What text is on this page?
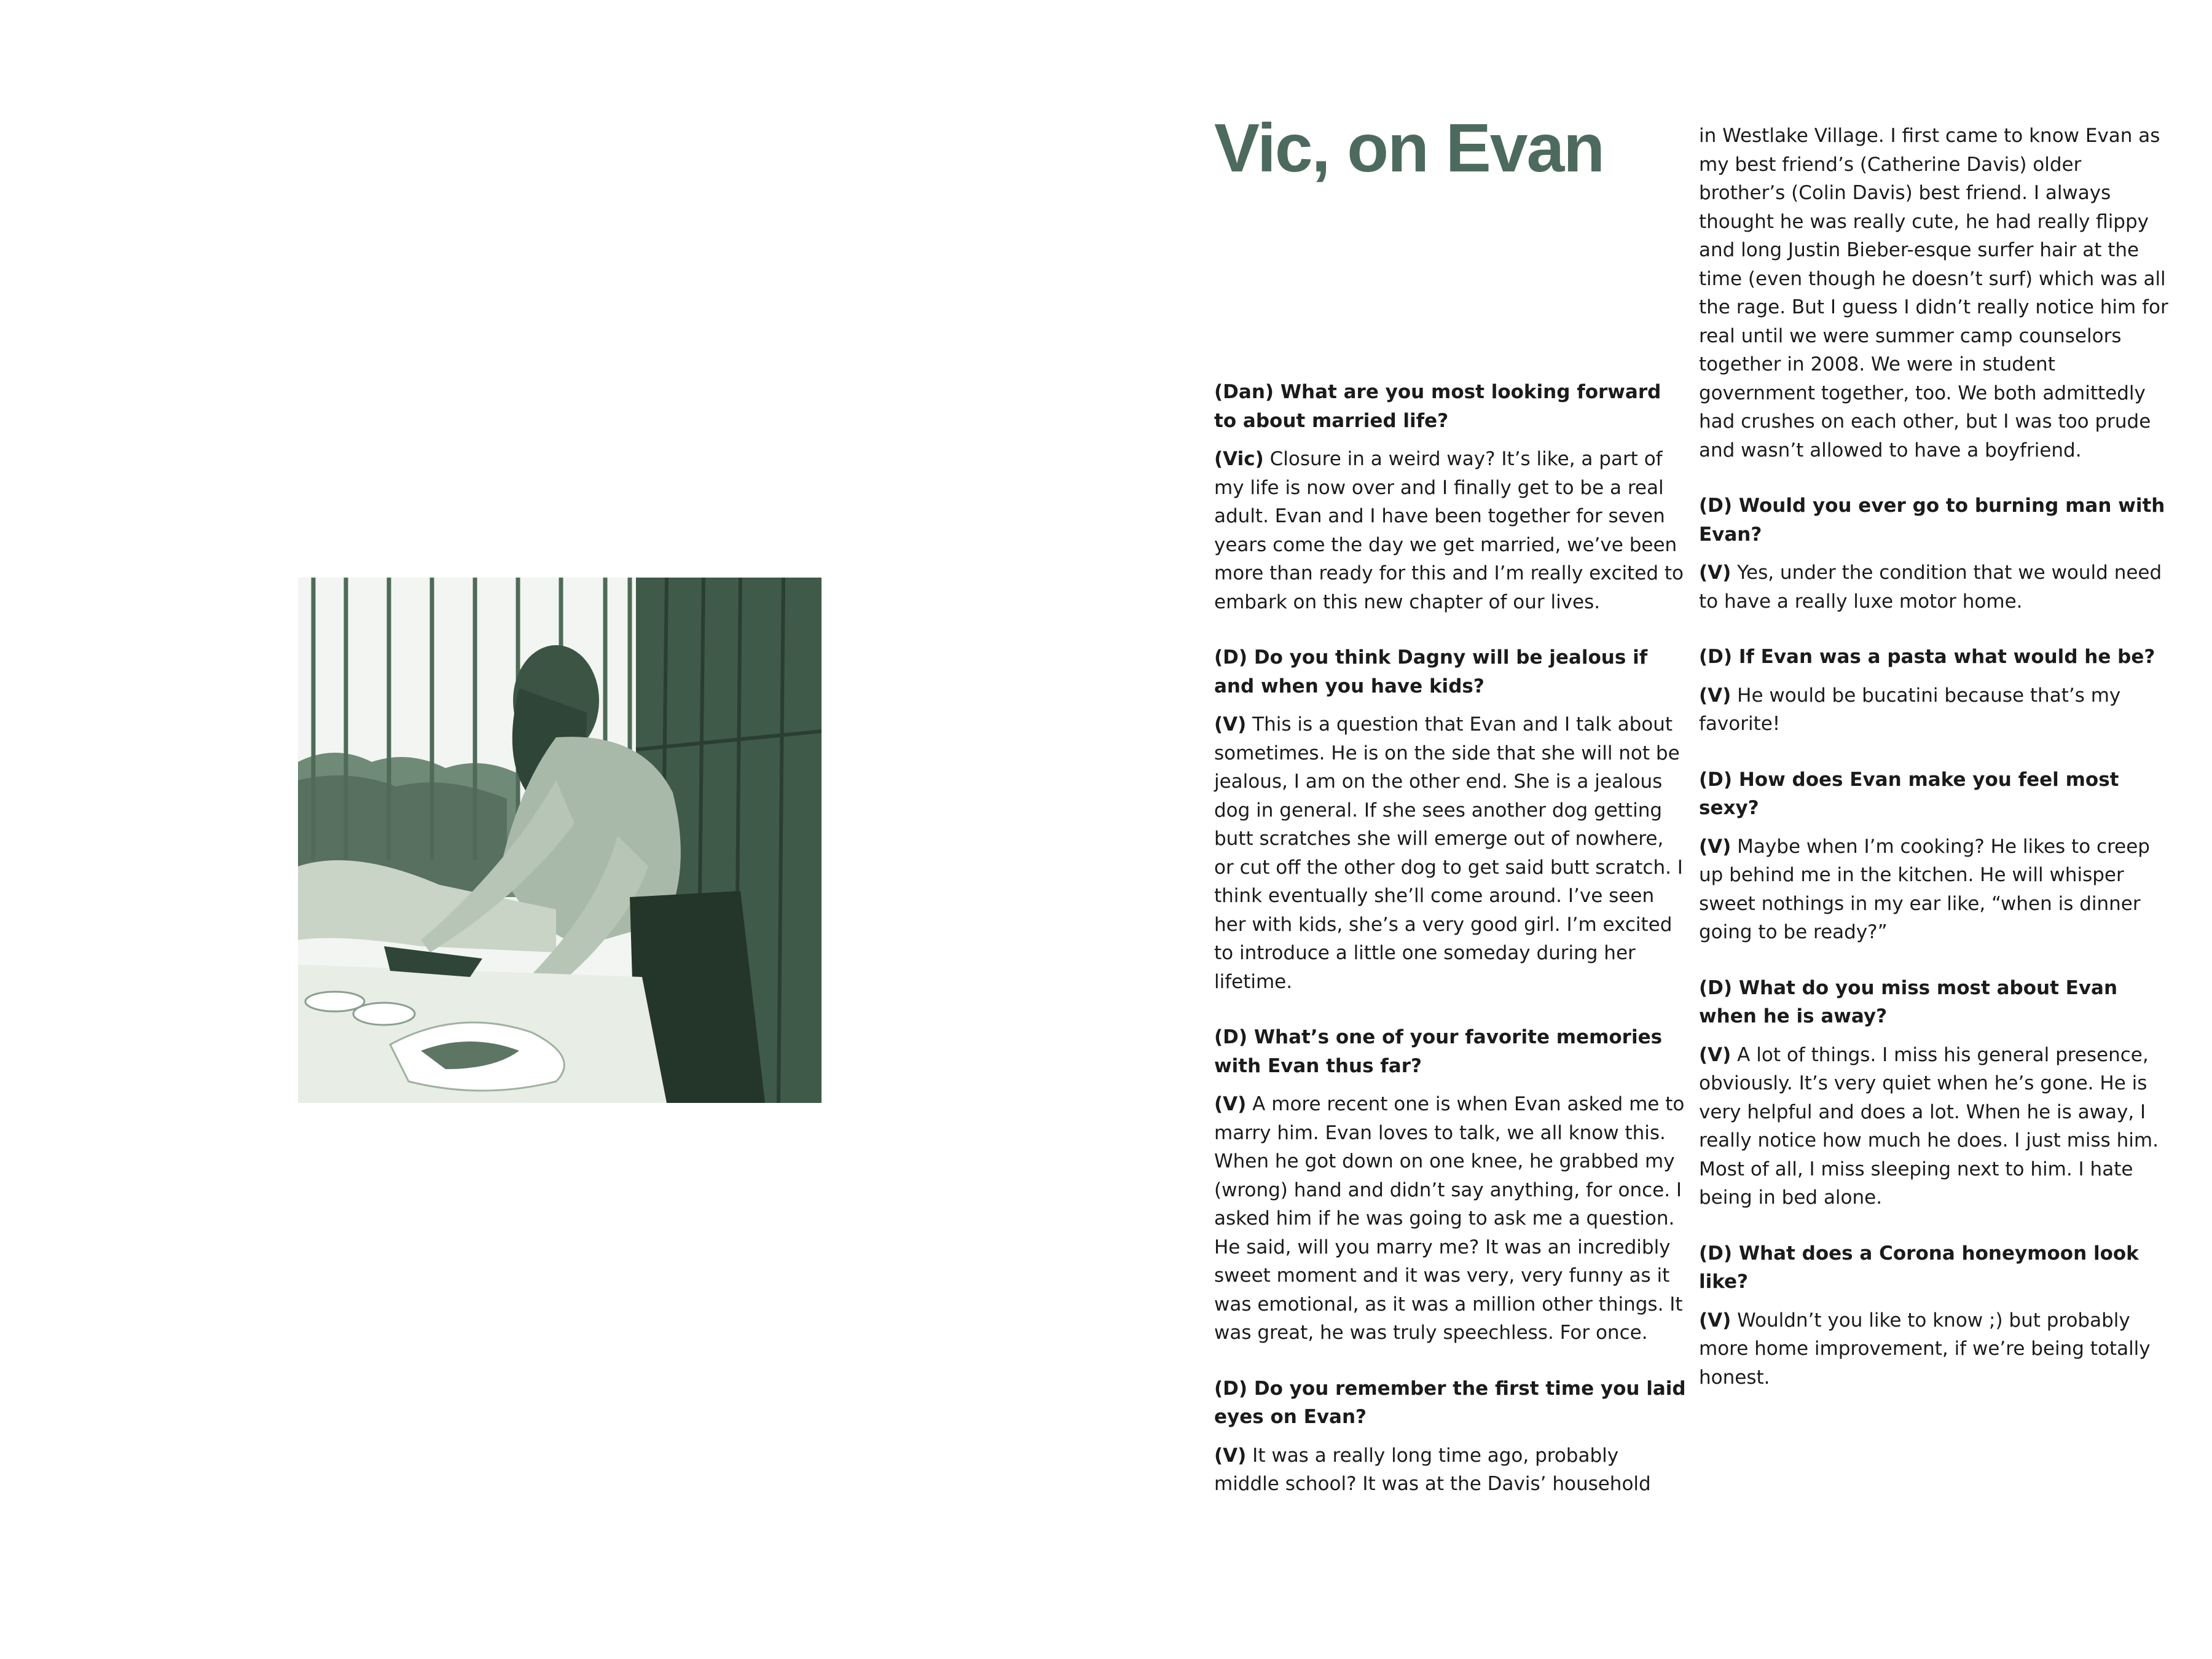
Vic, on Evan

(Dan) What are you most looking forward to about married life?

(Vic) Closure in a weird way? It’s like, a part of my life is now over and I finally get to be a real adult. Evan and I have been together for seven years come the day we get married, we’ve been more than ready for this and I’m really excited to embark on this new chapter of our lives.

(D) Do you think Dagny will be jealous if and when you have kids?

(V) This is a question that Evan and I talk about sometimes. He is on the side that she will not be jealous, I am on the other end. She is a jealous dog in general. If she sees another dog getting butt scratches she will emerge out of nowhere, or cut off the other dog to get said butt scratch. I think eventually she’ll come around. I’ve seen her with kids, she’s a very good girl. I’m excited to introduce a little one someday during her lifetime.

(D) What’s one of your favorite memories with Evan thus far?

(V) A more recent one is when Evan asked me to marry him. Evan loves to talk, we all know this. When he got down on one knee, he grabbed my (wrong) hand and didn’t say anything, for once. I asked him if he was going to ask me a question. He said, will you marry me? It was an incredibly sweet moment and it was very, very funny as it was emotional, as it was a million other things. It was great, he was truly speechless. For once.

(D) Do you remember the first time you laid eyes on Evan?

(V) It was a really long time ago, probably middle school? It was at the Davis’ household

in Westlake Village. I first came to know Evan as my best friend’s (Catherine Davis) older brother’s (Colin Davis) best friend. I always thought he was really cute, he had really flippy and long Justin Bieber-esque surfer hair at the time (even though he doesn’t surf) which was all the rage. But I guess I didn’t really notice him for real until we were summer camp counselors together in 2008. We were in student government together, too. We both admittedly had crushes on each other, but I was too prude and wasn’t allowed to have a boyfriend.

(D) Would you ever go to burning man with Evan?

(V) Yes, under the condition that we would need to have a really luxe motor home.

(D) If Evan was a pasta what would he be?

(V) He would be bucatini because that’s my favorite!

(D) How does Evan make you feel most sexy?

(V) Maybe when I’m cooking? He likes to creep up behind me in the kitchen. He will whisper sweet nothings in my ear like, “when is dinner going to be ready?”

(D) What do you miss most about Evan when he is away?

(V) A lot of things. I miss his general presence, obviously. It’s very quiet when he’s gone. He is very helpful and does a lot. When he is away, I really notice how much he does. I just miss him. Most of all, I miss sleeping next to him. I hate being in bed alone.

(D) What does a Corona honeymoon look like?

(V) Wouldn’t you like to know ;) but probably more home improvement, if we’re being totally honest.
